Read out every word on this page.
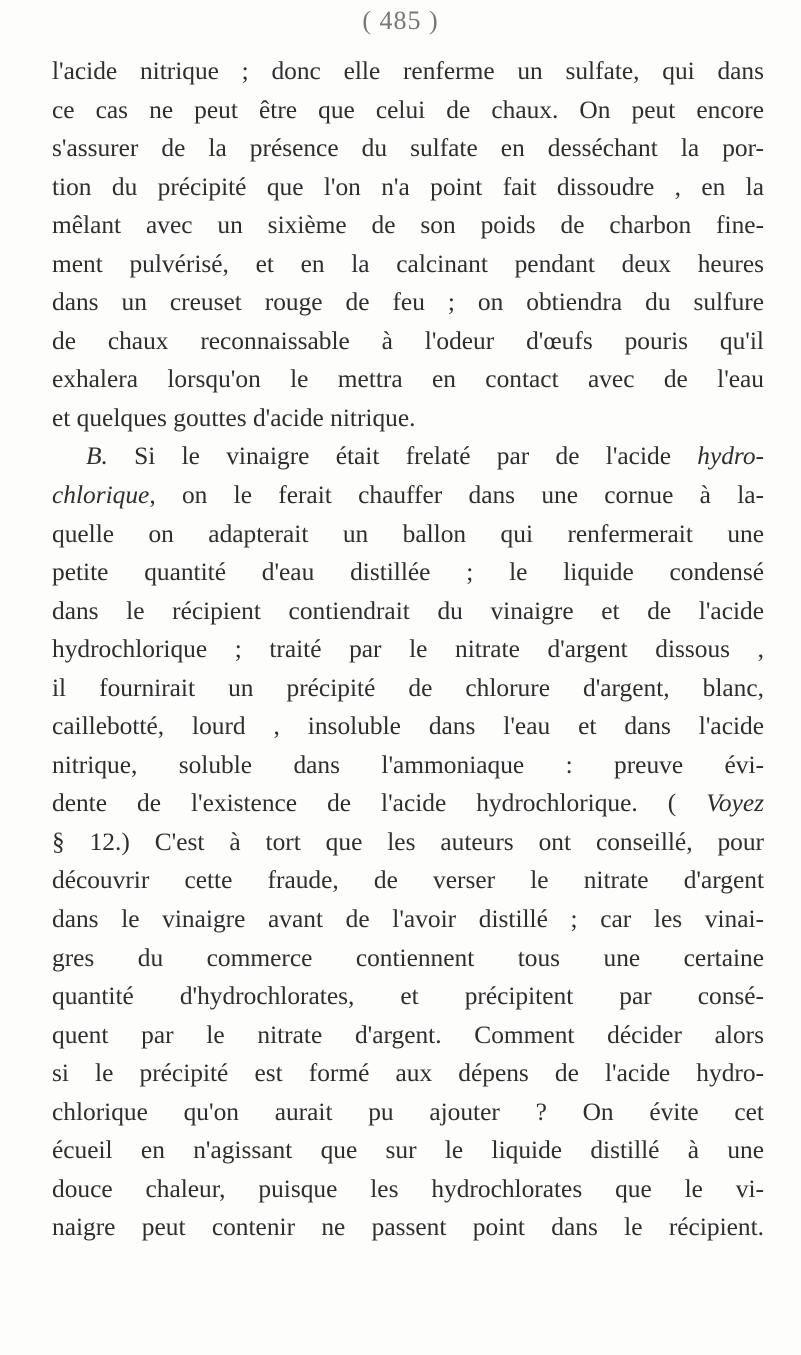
( 485 )
l'acide nitrique ; donc elle renferme un sulfate, qui dans
ce cas ne peut être que celui de chaux. On peut encore
s'assurer de la présence du sulfate en desséchant la por-
tion du précipité que l'on n'a point fait dissoudre , en la
mêlant avec un sixième de son poids de charbon fine-
ment pulvérisé, et en la calcinant pendant deux heures
dans un creuset rouge de feu ; on obtiendra du sulfure
de chaux reconnaissable à l'odeur d'œufs pouris qu'il
exhalera lorsqu'on le mettra en contact avec de l'eau
et quelques gouttes d'acide nitrique.
B. Si le vinaigre était frelaté par de l'acide hydro-
chlorique, on le ferait chauffer dans une cornue à la-
quelle on adapterait un ballon qui renfermerait une
petite quantité d'eau distillée ; le liquide condensé
dans le récipient contiendrait du vinaigre et de l'acide
hydrochlorique ; traité par le nitrate d'argent dissous ,
il fournirait un précipité de chlorure d'argent, blanc,
caillebotté, lourd , insoluble dans l'eau et dans l'acide
nitrique, soluble dans l'ammoniaque : preuve évi-
dente de l'existence de l'acide hydrochlorique. ( Voyez
§ 12.) C'est à tort que les auteurs ont conseillé, pour
découvrir cette fraude, de verser le nitrate d'argent
dans le vinaigre avant de l'avoir distillé ; car les vinai-
gres du commerce contiennent tous une certaine
quantité d'hydrochlorates, et précipitent par consé-
quent par le nitrate d'argent. Comment décider alors
si le précipité est formé aux dépens de l'acide hydro-
chlorique qu'on aurait pu ajouter ? On évite cet
écueil en n'agissant que sur le liquide distillé à une
douce chaleur, puisque les hydrochlorates que le vi-
naigre peut contenir ne passent point dans le récipient.
